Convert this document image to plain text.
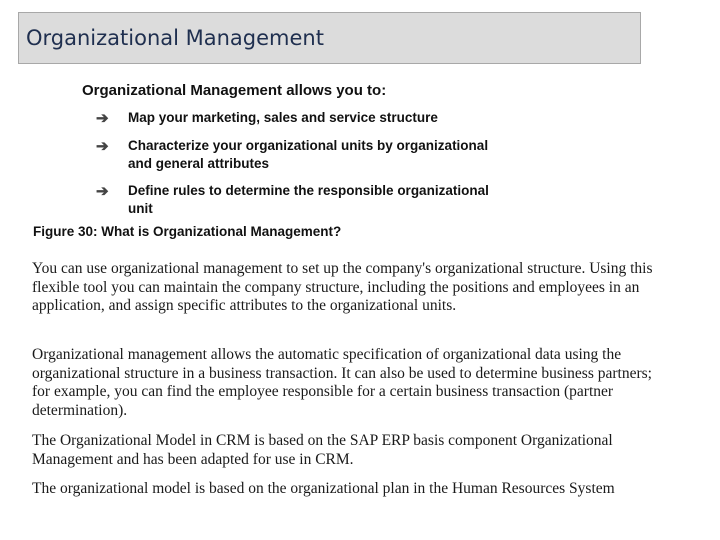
Organizational Management
Organizational Management allows you to:
➔ Map your marketing, sales and service structure
➔ Characterize your organizational units by organizational and general attributes
➔ Define rules to determine the responsible organizational unit
Figure 30: What is Organizational Management?
You can use organizational management to set up the company's organizational structure. Using this flexible tool you can maintain the company structure, including the positions and employees in an application, and assign specific attributes to the organizational units.
Organizational management allows the automatic specification of organizational data using the organizational structure in a business transaction. It can also be used to determine business partners; for example, you can find the employee responsible for a certain business transaction (partner determination).
The Organizational Model in CRM is based on the SAP ERP basis component Organizational Management and has been adapted for use in CRM.
The organizational model is based on the organizational plan in the Human Resources System
